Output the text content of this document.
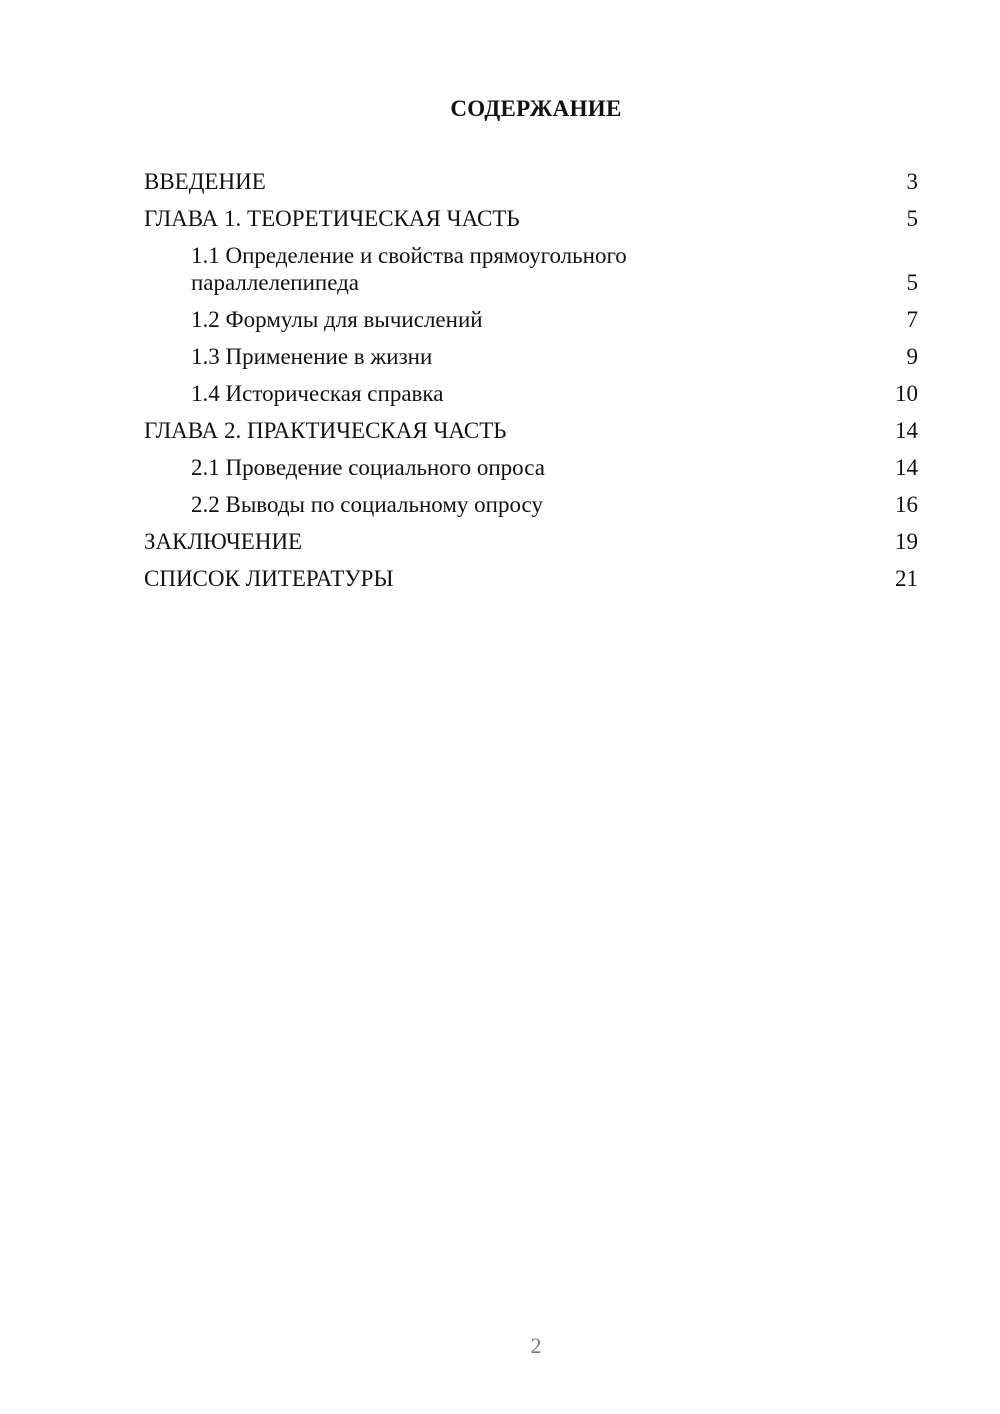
СОДЕРЖАНИЕ
ВВЕДЕНИЕ	3
ГЛАВА 1. ТЕОРЕТИЧЕСКАЯ ЧАСТЬ	5
1.1 Определение и свойства прямоугольного параллелепипеда	5
1.2 Формулы для вычислений	7
1.3 Применение в жизни	9
1.4 Историческая справка	10
ГЛАВА 2. ПРАКТИЧЕСКАЯ ЧАСТЬ	14
2.1 Проведение социального опроса	14
2.2 Выводы по социальному опросу	16
ЗАКЛЮЧЕНИЕ	19
СПИСОК ЛИТЕРАТУРЫ	21
2
